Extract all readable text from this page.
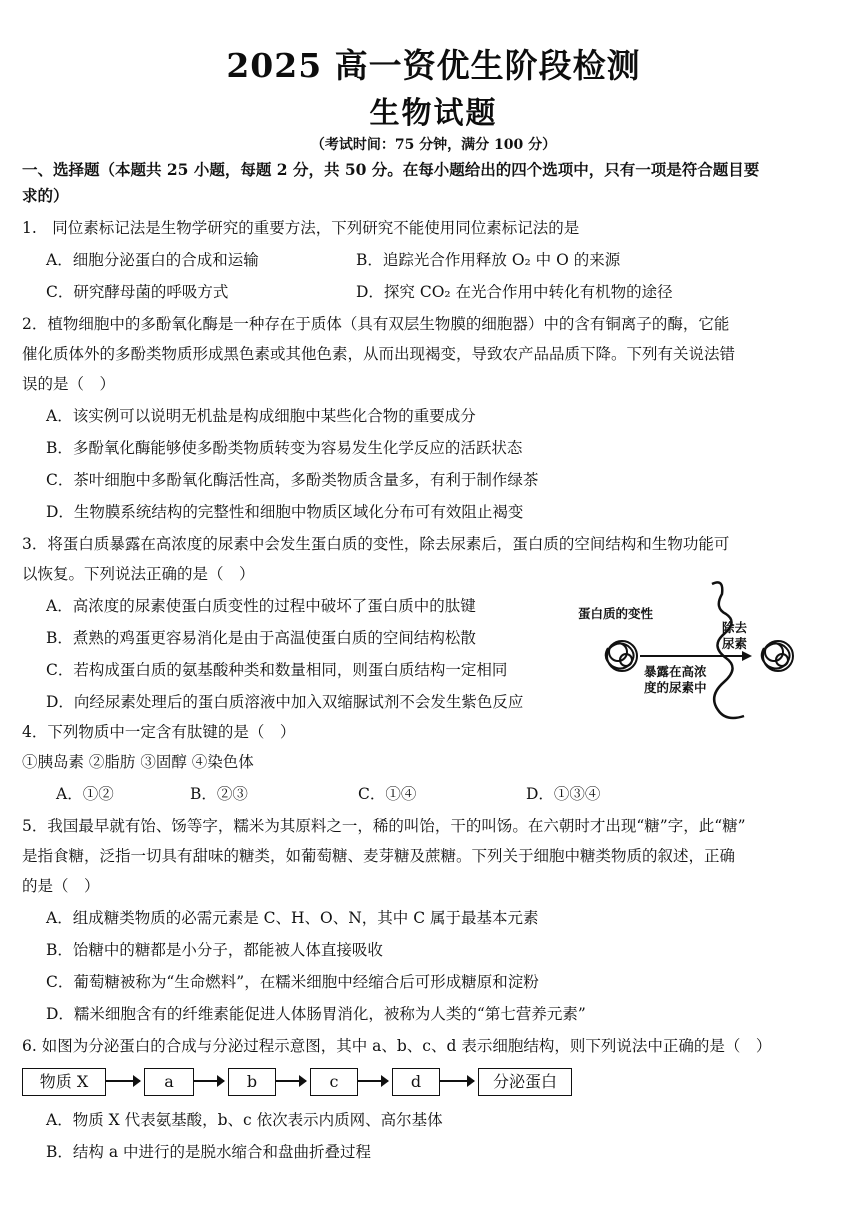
2025 高一资优生阶段检测
生物试题
（考试时间：75 分钟，满分 100 分）
一、选择题（本题共 25 小题，每题 2 分，共 50 分。在每小题给出的四个选项中，只有一项是符合题目要
求的）
1.　同位素标记法是生物学研究的重要方法，下列研究不能使用同位素标记法的是
A．细胞分泌蛋白的合成和运输	B．追踪光合作用释放 O₂ 中 O 的来源
C．研究酵母菌的呼吸方式	D．探究 CO₂ 在光合作用中转化有机物的途径
2．植物细胞中的多酚氧化酶是一种存在于质体（具有双层生物膜的细胞器）中的含有铜离子的酶，它能
催化质体外的多酚类物质形成黑色素或其他色素，从而出现褐变，导致农产品品质下降。下列有关说法错
误的是（　）
A．该实例可以说明无机盐是构成细胞中某些化合物的重要成分
B．多酚氧化酶能够使多酚类物质转变为容易发生化学反应的活跃状态
C．茶叶细胞中多酚氧化酶活性高，多酚类物质含量多，有利于制作绿茶
D．生物膜系统结构的完整性和细胞中物质区域化分布可有效阻止褐变
3．将蛋白质暴露在高浓度的尿素中会发生蛋白质的变性，除去尿素后，蛋白质的空间结构和生物功能可
以恢复。下列说法正确的是（　）
A．高浓度的尿素使蛋白质变性的过程中破坏了蛋白质中的肽键
B．煮熟的鸡蛋更容易消化是由于高温使蛋白质的空间结构松散
C．若构成蛋白质的氨基酸种类和数量相同，则蛋白质结构一定相同
D．向经尿素处理后的蛋白质溶液中加入双缩脲试剂不会发生紫色反应
蛋白质的变性
除去
尿素
暴露在高浓
度的尿素中
4．下列物质中一定含有肽键的是（　）
①胰岛素 ②脂肪 ③固醇 ④染色体
A．①②	B．②③	C．①④	D．①③④
5．我国最早就有饴、饧等字，糯米为其原料之一，稀的叫饴，干的叫饧。在六朝时才出现“糖”字，此“糖”
是指食糖，泛指一切具有甜味的糖类，如葡萄糖、麦芽糖及蔗糖。下列关于细胞中糖类物质的叙述，正确
的是（　）
A．组成糖类物质的必需元素是 C、H、O、N，其中 C 属于最基本元素
B．饴糖中的糖都是小分子，都能被人体直接吸收
C．葡萄糖被称为“生命燃料”，在糯米细胞中经缩合后可形成糖原和淀粉
D．糯米细胞含有的纤维素能促进人体肠胃消化，被称为人类的“第七营养元素”
6. 如图为分泌蛋白的合成与分泌过程示意图，其中 a、b、c、d 表示细胞结构，则下列说法中正确的是（　）
物质 X	a	b	c	d	分泌蛋白
A．物质 X 代表氨基酸，b、c 依次表示内质网、高尔基体
B．结构 a 中进行的是脱水缩合和盘曲折叠过程
